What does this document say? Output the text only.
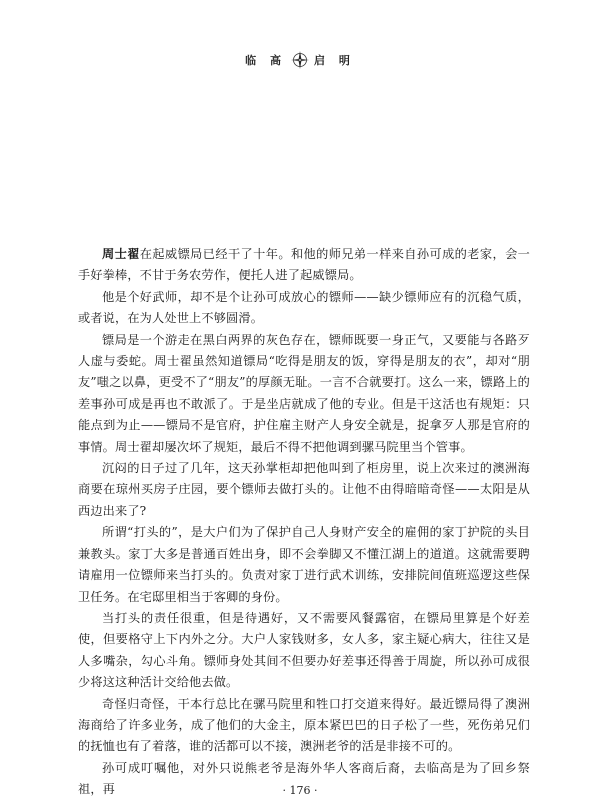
临 高	启 明

周士翟在起威镖局已经干了十年。和他的师兄弟一样来自孙可成的老家，会一手好拳棒，不甘于务农劳作，便托人进了起威镖局。

他是个好武师，却不是个让孙可成放心的镖师——缺少镖师应有的沉稳气质，或者说，在为人处世上不够圆滑。

镖局是一个游走在黑白两界的灰色存在，镖师既要一身正气，又要能与各路歹人虚与委蛇。周士翟虽然知道镖局“吃得是朋友的饭，穿得是朋友的衣”，却对“朋友”嗤之以鼻，更受不了“朋友”的厚颜无耻。一言不合就要打。这么一来，镖路上的差事孙可成是再也不敢派了。于是坐店就成了他的专业。但是干这活也有规矩：只能点到为止——镖局不是官府，护住雇主财产人身安全就是，捉拿歹人那是官府的事情。周士翟却屡次坏了规矩，最后不得不把他调到骡马院里当个管事。

沉闷的日子过了几年，这天孙掌柜却把他叫到了柜房里，说上次来过的澳洲海商要在琼州买房子庄园，要个镖师去做打头的。让他不由得暗暗奇怪——太阳是从西边出来了?

所谓“打头的”，是大户们为了保护自己人身财产安全的雇佣的家丁护院的头目兼教头。家丁大多是普通百姓出身，即不会拳脚又不懂江湖上的道道。这就需要聘请雇用一位镖师来当打头的。负责对家丁进行武术训练，安排院间值班巡逻这些保卫任务。在宅邸里相当于客卿的身份。

当打头的责任很重，但是待遇好，又不需要风餐露宿，在镖局里算是个好差使，但要格守上下内外之分。大户人家钱财多，女人多，家主疑心病大，往往又是人多嘴杂，勾心斗角。镖师身处其间不但要办好差事还得善于周旋，所以孙可成很少将这这种活计交给他去做。

奇怪归奇怪，干本行总比在骡马院里和牲口打交道来得好。最近镖局得了澳洲海商给了许多业务，成了他们的大金主，原本紧巴巴的日子松了一些，死伤弟兄们的抚恤也有了着落，谁的活都可以不接，澳洲老爷的活是非接不可的。

孙可成叮嘱他，对外只说熊老爷是海外华人客商后裔，去临高是为了回乡祭祖，再	· 176 ·
